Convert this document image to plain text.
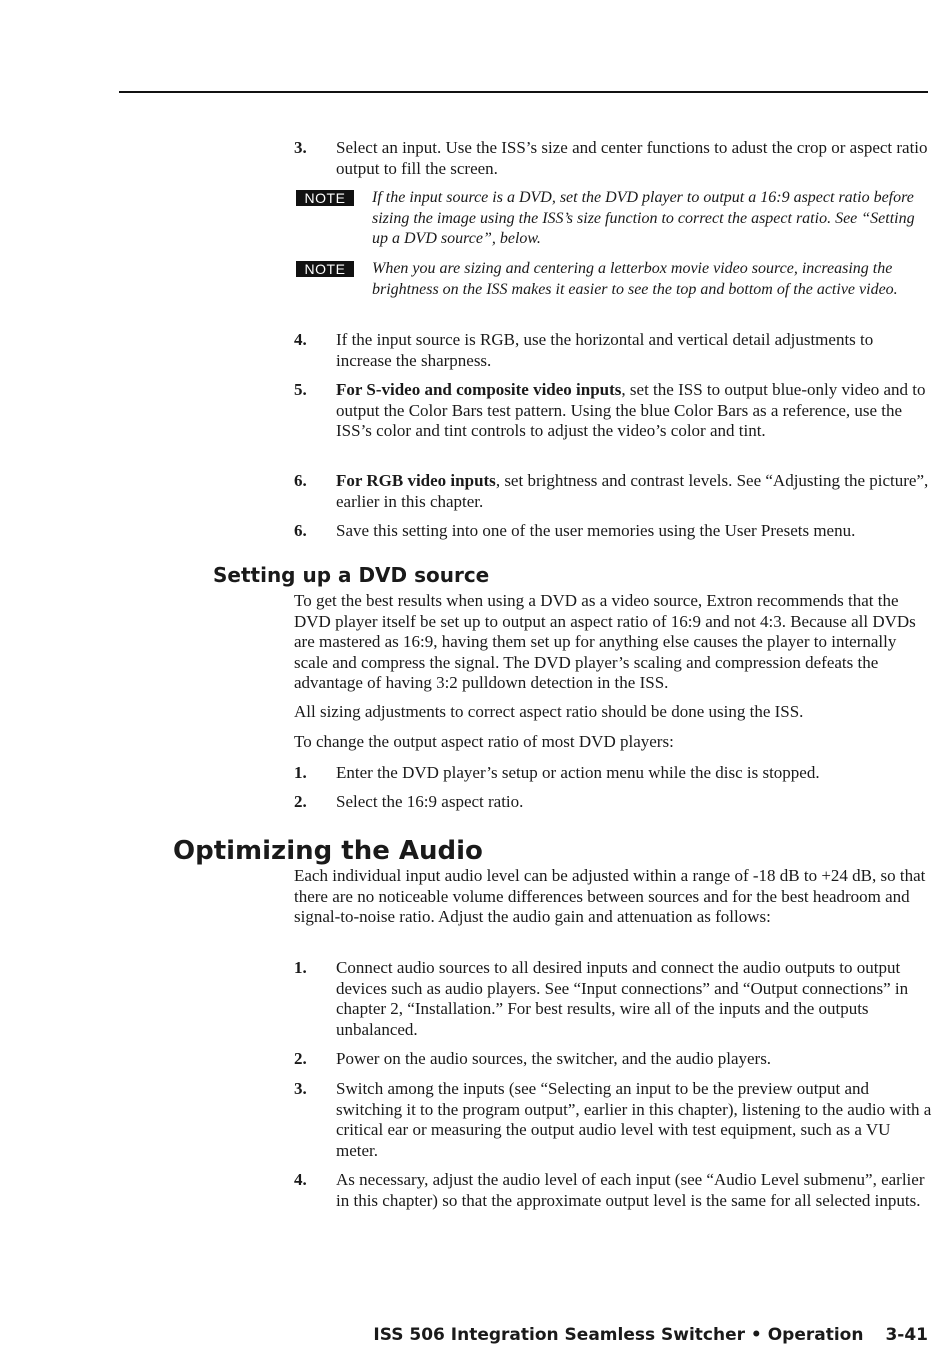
3. Select an input. Use the ISS’s size and center functions to adust the crop or aspect ratio output to fill the screen.
NOTE	If the input source is a DVD, set the DVD player to output a 16:9 aspect ratio before sizing the image using the ISS’s size function to correct the aspect ratio. See “Setting up a DVD source”, below.
NOTE	When you are sizing and centering a letterbox movie video source, increasing the brightness on the ISS makes it easier to see the top and bottom of the active video.
4. If the input source is RGB, use the horizontal and vertical detail adjustments to increase the sharpness.
5. For S-video and composite video inputs, set the ISS to output blue-only video and to output the Color Bars test pattern. Using the blue Color Bars as a reference, use the ISS’s color and tint controls to adjust the video’s color and tint.
6. For RGB video inputs, set brightness and contrast levels. See “Adjusting the picture”, earlier in this chapter.
6. Save this setting into one of the user memories using the User Presets menu.
Setting up a DVD source
To get the best results when using a DVD as a video source, Extron recommends that the DVD player itself be set up to output an aspect ratio of 16:9 and not 4:3. Because all DVDs are mastered as 16:9, having them set up for anything else causes the player to internally scale and compress the signal. The DVD player’s scaling and compression defeats the advantage of having 3:2 pulldown detection in the ISS.
All sizing adjustments to correct aspect ratio should be done using the ISS.
To change the output aspect ratio of most DVD players:
1. Enter the DVD player’s setup or action menu while the disc is stopped.
2. Select the 16:9 aspect ratio.
Optimizing the Audio
Each individual input audio level can be adjusted within a range of -18 dB to +24 dB, so that there are no noticeable volume differences between sources and for the best headroom and signal-to-noise ratio. Adjust the audio gain and attenuation as follows:
1. Connect audio sources to all desired inputs and connect the audio outputs to output devices such as audio players. See “Input connections” and “Output connections” in chapter 2, “Installation.” For best results, wire all of the inputs and the outputs unbalanced.
2. Power on the audio sources, the switcher, and the audio players.
3. Switch among the inputs (see “Selecting an input to be the preview output and switching it to the program output”, earlier in this chapter), listening to the audio with a critical ear or measuring the output audio level with test equipment, such as a VU meter.
4. As necessary, adjust the audio level of each input (see “Audio Level submenu”, earlier in this chapter) so that the approximate output level is the same for all selected inputs.
ISS 506 Integration Seamless Switcher • Operation 3-41
